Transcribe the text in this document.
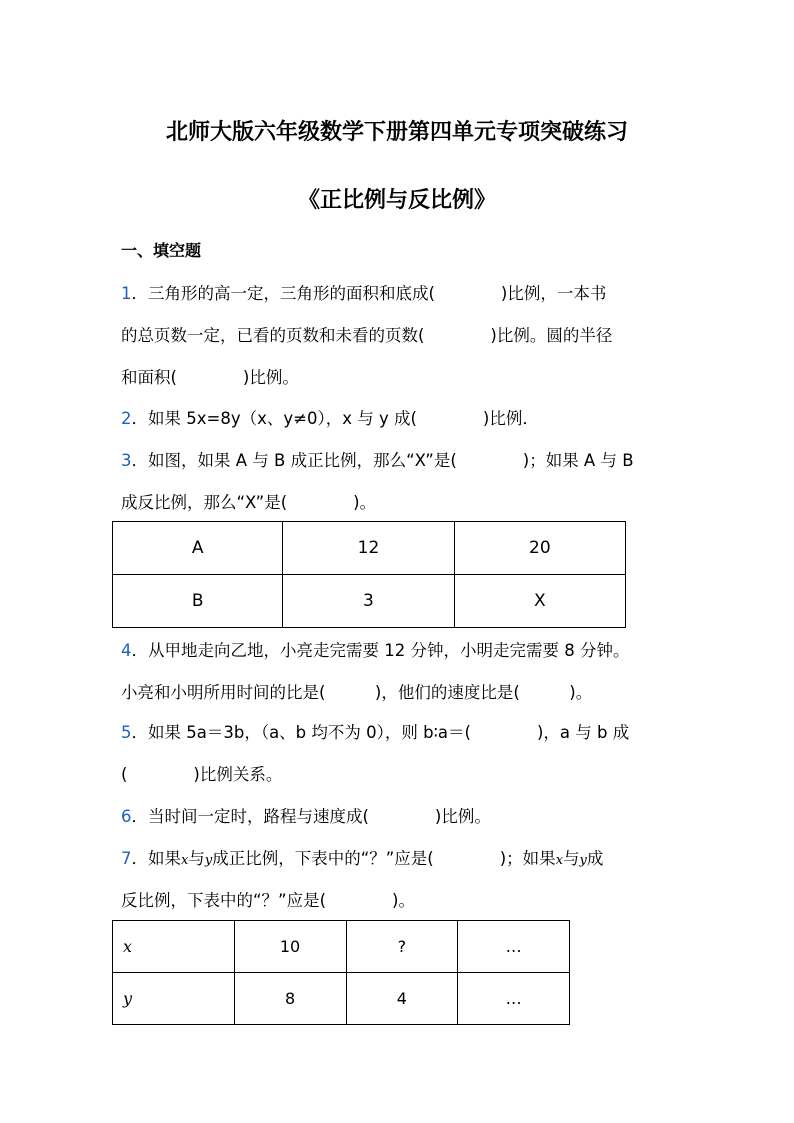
北师大版六年级数学下册第四单元专项突破练习
《正比例与反比例》
一、填空题
1．三角形的高一定，三角形的面积和底成(　　　　)比例，一本书
的总页数一定，已看的页数和未看的页数(　　　　)比例。圆的半径
和面积(　　　　)比例。
2．如果 5x=8y（x、y≠0），x 与 y 成(　　　　)比例．
3．如图，如果 A 与 B 成正比例，那么“X”是(　　　　)；如果 A 与 B
成反比例，那么“X”是(　　　　)。
A	12	20
B	3	X
4．从甲地走向乙地，小亮走完需要 12 分钟，小明走完需要 8 分钟。
小亮和小明所用时间的比是(　　　)，他们的速度比是(　　　)。
5．如果 5a＝3b，（a、b 均不为 0），则 b∶a＝(　　　　)，a 与 b 成
(　　　　)比例关系。
6．当时间一定时，路程与速度成(　　　　)比例。
7．如果x与y成正比例，下表中的“？”应是(　　　　)；如果x与y成
反比例，下表中的“？”应是(　　　　)。
x	10	?	…
y	8	4	…
